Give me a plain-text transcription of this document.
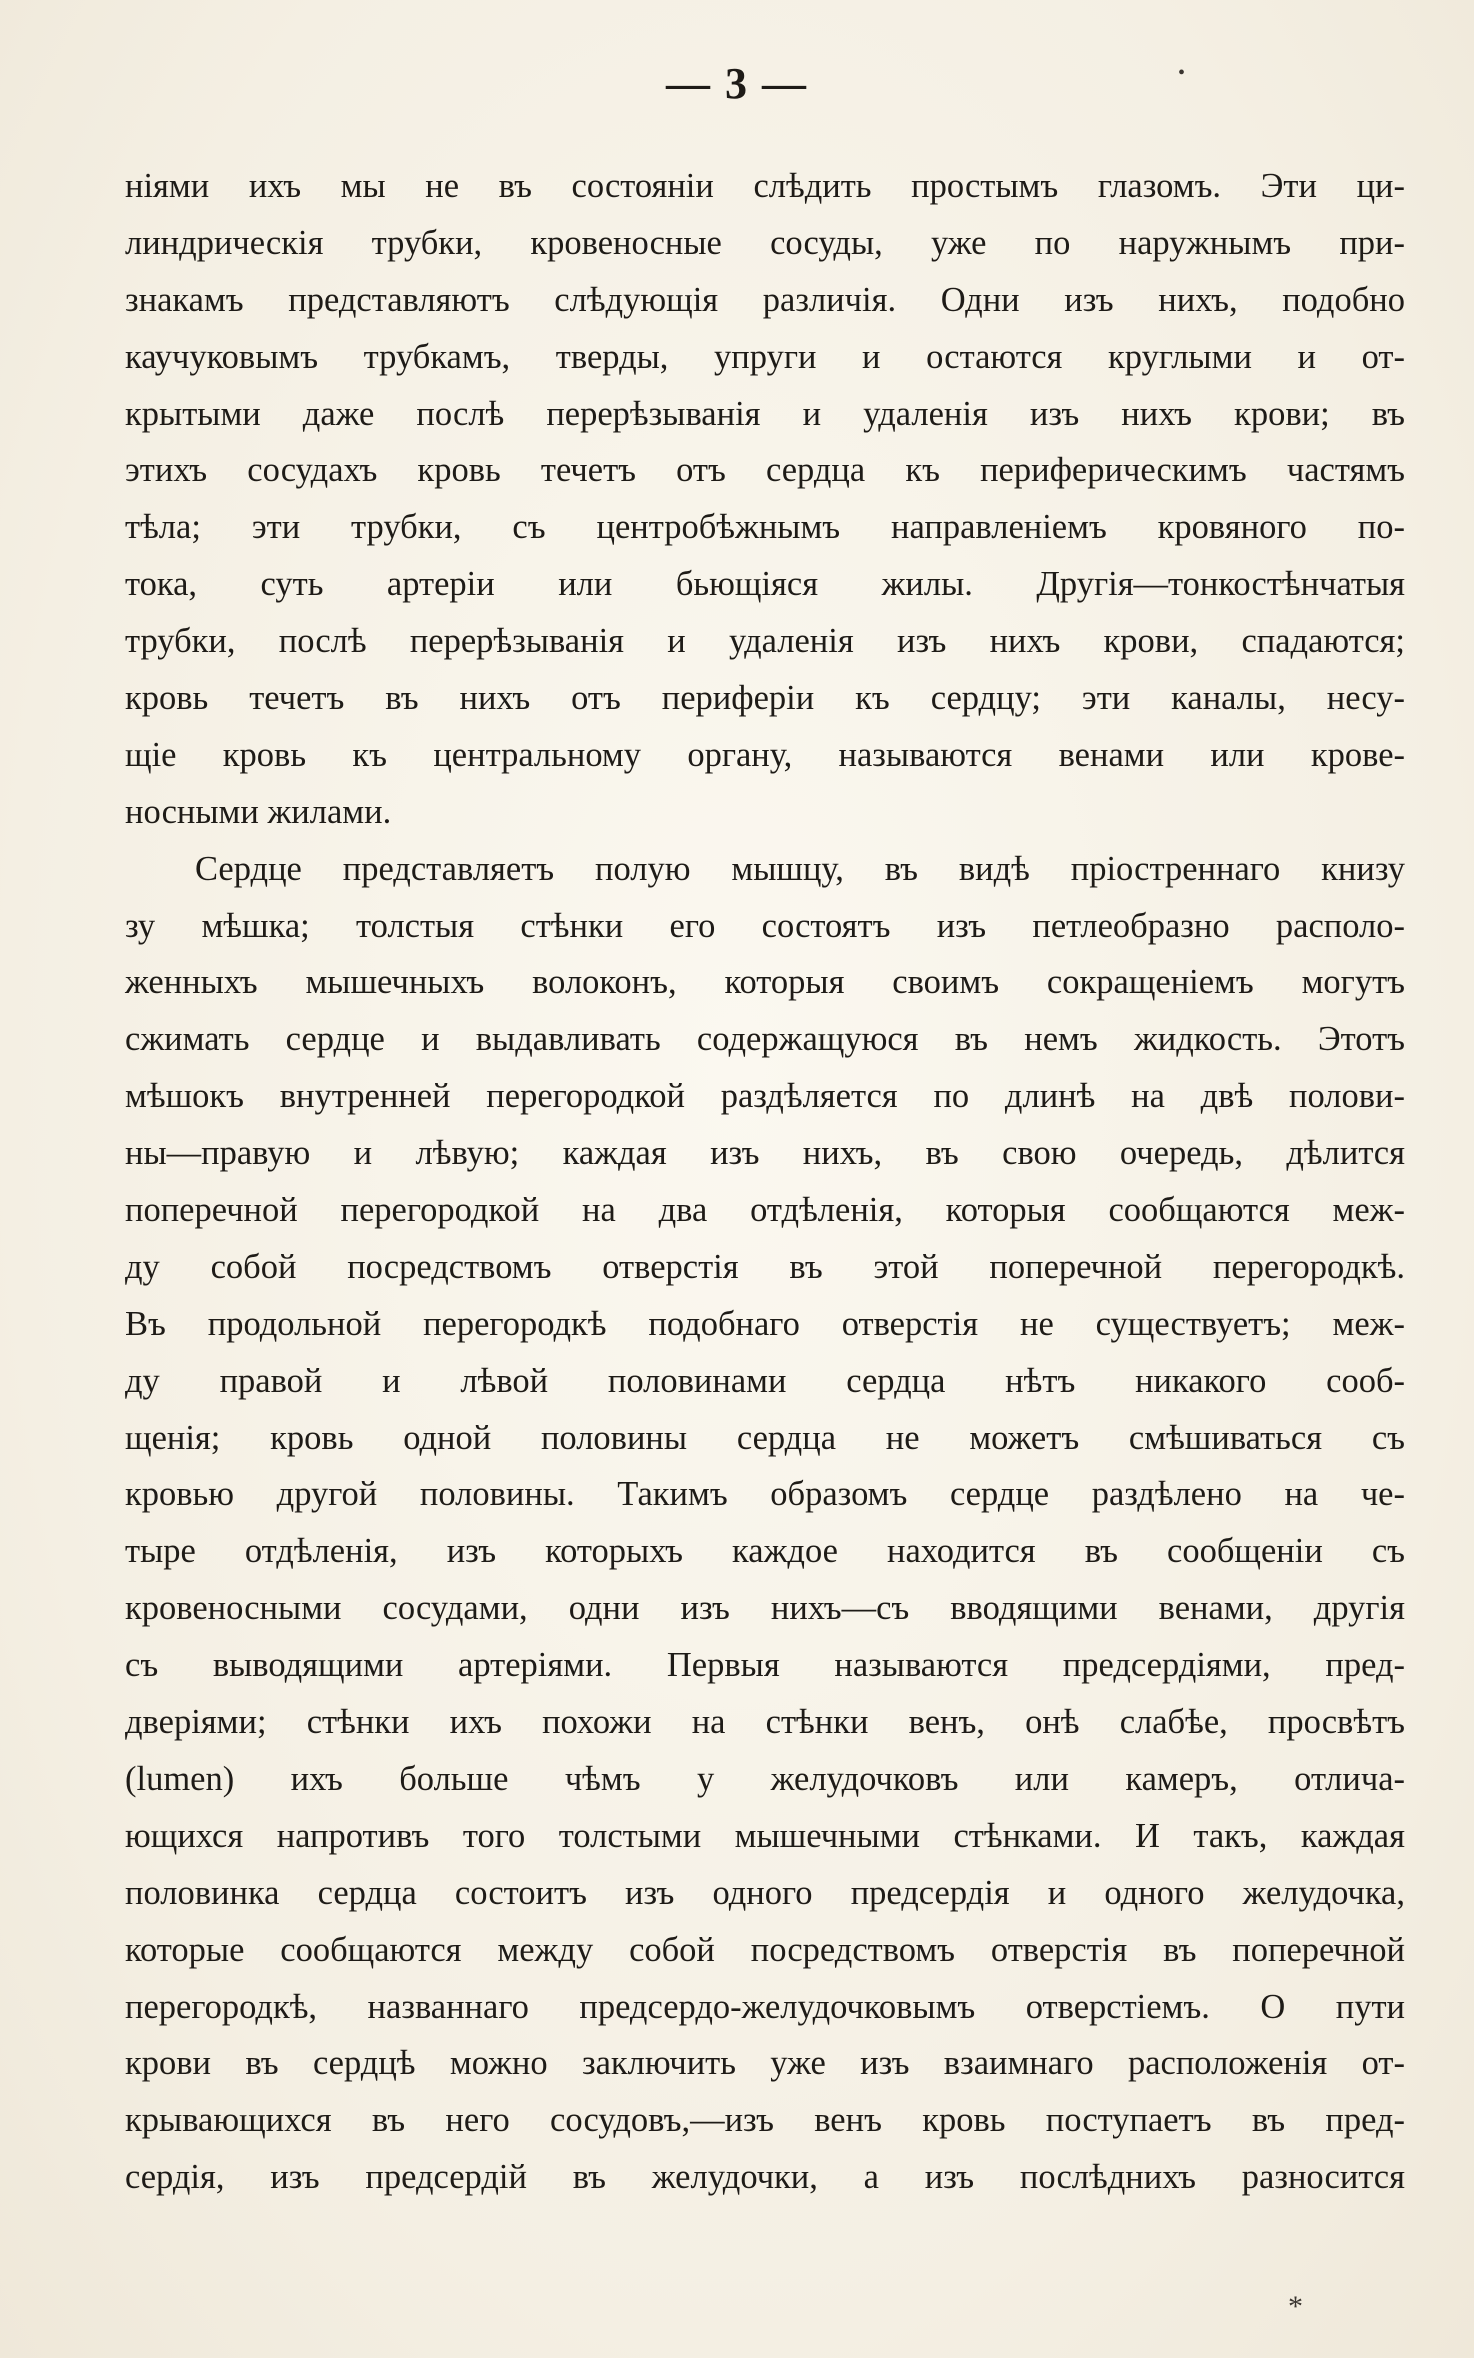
— 3 —
ніями ихъ мы не въ состояніи слѣдить простымъ глазомъ. Эти ци-
линдрическія трубки, кровеносные сосуды, уже по наружнымъ при-
знакамъ представляютъ слѣдующія различія. Одни изъ нихъ, подобно
каучуковымъ трубкамъ, тверды, упруги и остаются круглыми и от-
крытыми даже послѣ перерѣзыванія и удаленія изъ нихъ крови; въ
этихъ сосудахъ кровь течетъ отъ сердца къ периферическимъ частямъ
тѣла; эти трубки, съ центробѣжнымъ направленіемъ кровяного по-
тока, суть артеріи или бьющіяся жилы. Другія—тонкостѣнчатыя
трубки, послѣ перерѣзыванія и удаленія изъ нихъ крови, спадаются;
кровь течетъ въ нихъ отъ периферіи къ сердцу; эти каналы, несу-
щіе кровь къ центральному органу, называются венами или крове-
носными жилами.
Сердце представляетъ полую мышцу, въ видѣ пріостреннаго книзу
зу мѣшка; толстыя стѣнки его состоятъ изъ петлеобразно располо-
женныхъ мышечныхъ волоконъ, которыя своимъ сокращеніемъ могутъ
сжимать сердце и выдавливать содержащуюся въ немъ жидкость. Этотъ
мѣшокъ внутренней перегородкой раздѣляется по длинѣ на двѣ полови-
ны—правую и лѣвую; каждая изъ нихъ, въ свою очередь, дѣлится
поперечной перегородкой на два отдѣленія, которыя сообщаются меж-
ду собой посредствомъ отверстія въ этой поперечной перегородкѣ.
Въ продольной перегородкѣ подобнаго отверстія не существуетъ; меж-
ду правой и лѣвой половинами сердца нѣтъ никакого сооб-
щенія; кровь одной половины сердца не можетъ смѣшиваться съ
кровью другой половины. Такимъ образомъ сердце раздѣлено на че-
тыре отдѣленія, изъ которыхъ каждое находится въ сообщеніи съ
кровеносными сосудами, одни изъ нихъ—съ вводящими венами, другія
съ выводящими артеріями. Первыя называются предсердіями, пред-
дверіями; стѣнки ихъ похожи на стѣнки венъ, онѣ слабѣе, просвѣтъ
(lumen) ихъ больше чѣмъ у желудочковъ или камеръ, отлича-
ющихся напротивъ того толстыми мышечными стѣнками. И такъ, каждая
половинка сердца состоитъ изъ одного предсердія и одного желудочка,
которые сообщаются между собой посредствомъ отверстія въ поперечной
перегородкѣ, названнаго предсердо-желудочковымъ отверстіемъ. О пути
крови въ сердцѣ можно заключить уже изъ взаимнаго расположенія от-
крывающихся въ него сосудовъ,—изъ венъ кровь поступаетъ въ пред-
сердія, изъ предсердій въ желудочки, а изъ послѣднихъ разносится
•
*
